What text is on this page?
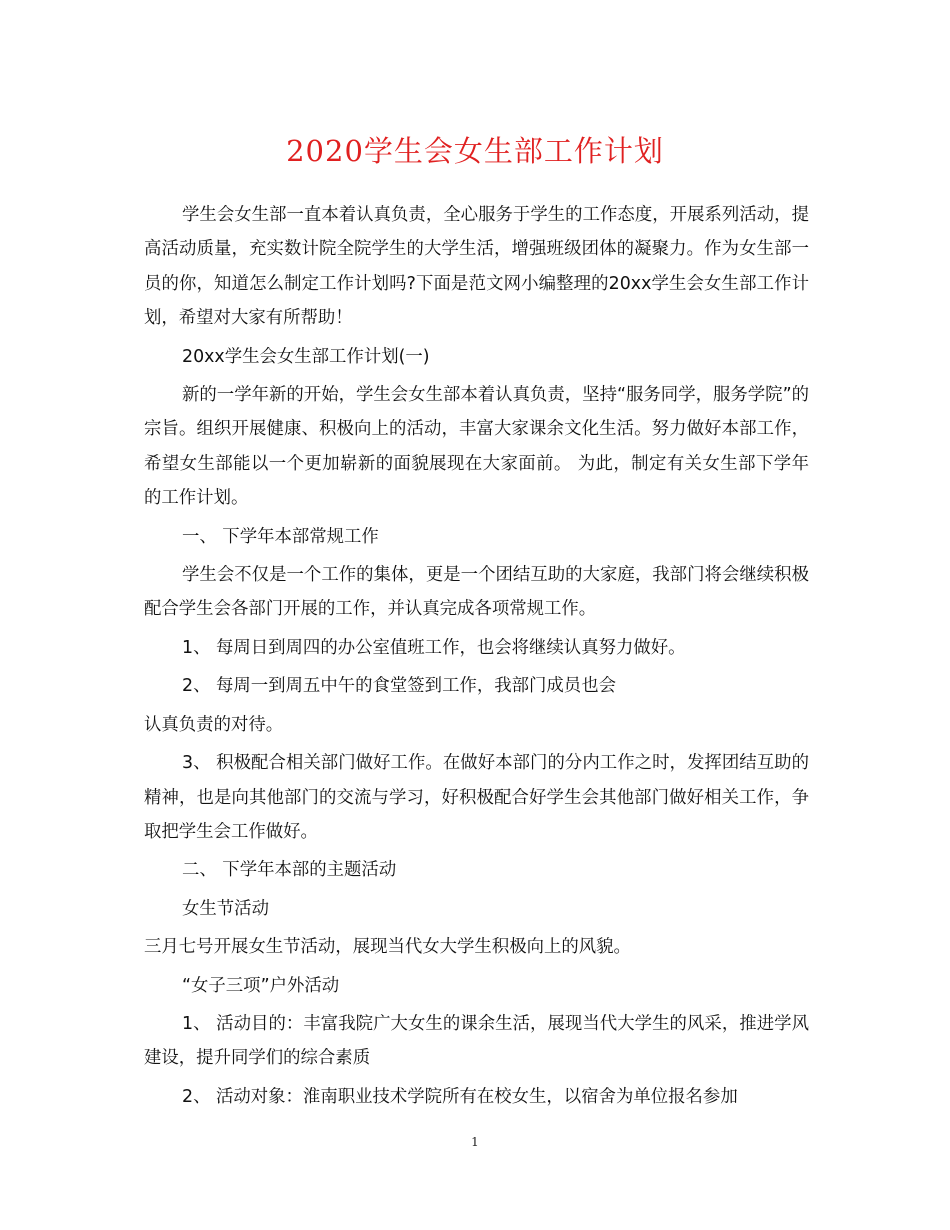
2020学生会女生部工作计划

学生会女生部一直本着认真负责，全心服务于学生的工作态度，开展系列活动，提高活动质量，充实数计院全院学生的大学生活，增强班级团体的凝聚力。作为女生部一员的你，知道怎么制定工作计划吗?下面是范文网小编整理的20xx学生会女生部工作计划，希望对大家有所帮助！

20xx学生会女生部工作计划(一)

新的一学年新的开始，学生会女生部本着认真负责，坚持“服务同学，服务学院”的宗旨。组织开展健康、积极向上的活动，丰富大家课余文化生活。努力做好本部工作，希望女生部能以一个更加崭新的面貌展现在大家面前。 为此，制定有关女生部下学年的工作计划。

一、 下学年本部常规工作

学生会不仅是一个工作的集体，更是一个团结互助的大家庭，我部门将会继续积极配合学生会各部门开展的工作，并认真完成各项常规工作。

1、 每周日到周四的办公室值班工作，也会将继续认真努力做好。

2、 每周一到周五中午的食堂签到工作，我部门成员也会

认真负责的对待。

3、 积极配合相关部门做好工作。在做好本部门的分内工作之时，发挥团结互助的精神，也是向其他部门的交流与学习，好积极配合好学生会其他部门做好相关工作，争取把学生会工作做好。

二、 下学年本部的主题活动

女生节活动

三月七号开展女生节活动，展现当代女大学生积极向上的风貌。

“女子三项”户外活动

1、 活动目的：丰富我院广大女生的课余生活，展现当代大学生的风采，推进学风建设，提升同学们的综合素质

2、 活动对象：淮南职业技术学院所有在校女生，以宿舍为单位报名参加

1
